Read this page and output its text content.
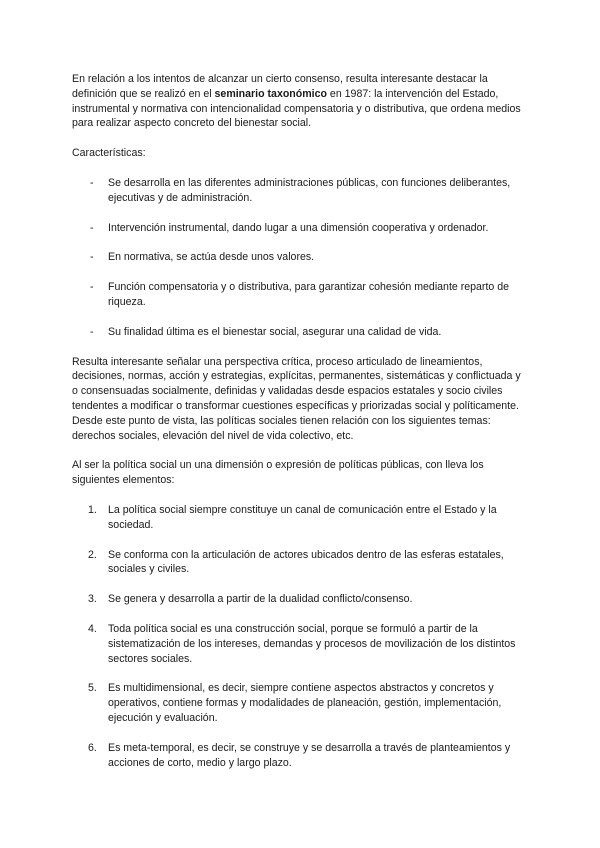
En relación a los intentos de alcanzar un cierto consenso, resulta interesante destacar la definición que se realizó en el seminario taxonómico en 1987: la intervención del Estado, instrumental y normativa con intencionalidad compensatoria y o distributiva, que ordena medios para realizar aspecto concreto del bienestar social.

Características:

- Se desarrolla en las diferentes administraciones públicas, con funciones deliberantes, ejecutivas y de administración.
- Intervención instrumental, dando lugar a una dimensión cooperativa y ordenador.
- En normativa, se actúa desde unos valores.
- Función compensatoria y o distributiva, para garantizar cohesión mediante reparto de riqueza.
- Su finalidad última es el bienestar social, asegurar una calidad de vida.

Resulta interesante señalar una perspectiva crítica, proceso articulado de lineamientos, decisiones, normas, acción y estrategias, explícitas, permanentes, sistemáticas y conflictuada y o consensuadas socialmente, definidas y validadas desde espacios estatales y socio civiles tendentes a modificar o transformar cuestiones específicas y priorizadas social y políticamente.

Desde este punto de vista, las políticas sociales tienen relación con los siguientes temas: derechos sociales, elevación del nivel de vida colectivo, etc.

Al ser la política social un una dimensión o expresión de políticas públicas, con lleva los siguientes elementos:

1. La política social siempre constituye un canal de comunicación entre el Estado y la sociedad.
2. Se conforma con la articulación de actores ubicados dentro de las esferas estatales, sociales y civiles.
3. Se genera y desarrolla a partir de la dualidad conflicto/consenso.
4. Toda política social es una construcción social, porque se formuló a partir de la sistematización de los intereses, demandas y procesos de movilización de los distintos sectores sociales.
5. Es multidimensional, es decir, siempre contiene aspectos abstractos y concretos y operativos, contiene formas y modalidades de planeación, gestión, implementación, ejecución y evaluación.
6. Es meta-temporal, es decir, se construye y se desarrolla a través de planteamientos y acciones de corto, medio y largo plazo.
